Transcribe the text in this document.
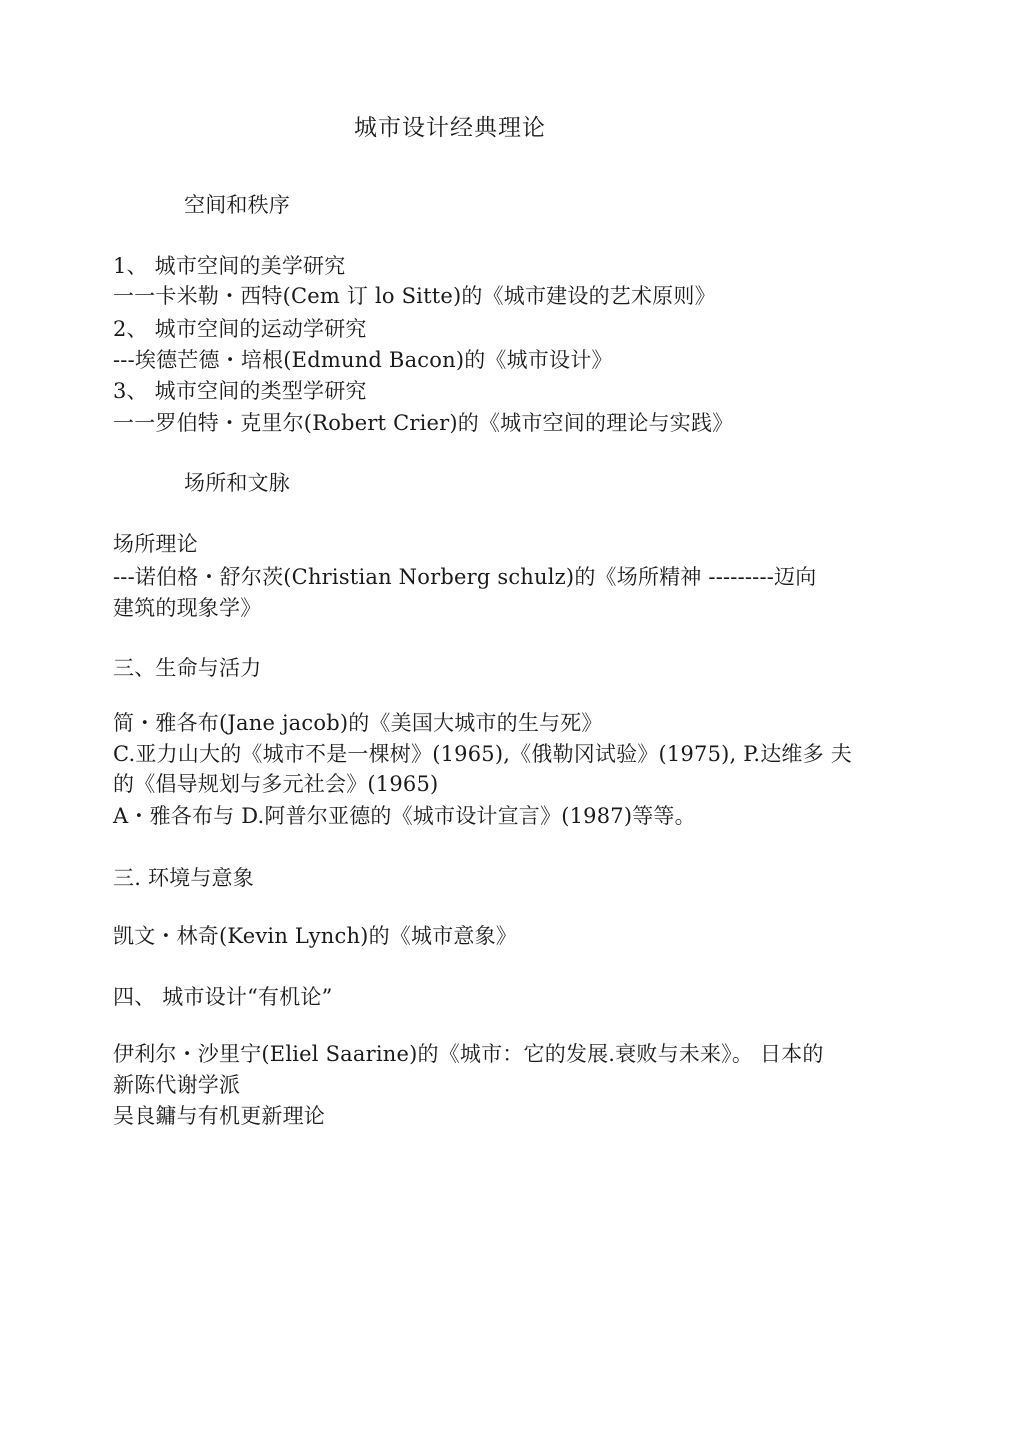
城市设计经典理论
空间和秩序
1、 城市空间的美学研究
一一卡米勒・西特(Cem 订 lo Sitte)的《城市建设的艺术原则》
2、 城市空间的运动学研究
---埃德芒德・培根(Edmund Bacon)的《城市设计》
3、 城市空间的类型学研究
一一罗伯特・克里尔(Robert Crier)的《城市空间的理论与实践》
场所和文脉
场所理论
---诺伯格・舒尔茨(Christian Norberg schulz)的《场所精神 ---------迈向
建筑的现象学》
三、生命与活力
简・雅各布(Jane jacob)的《美国大城市的生与死》
C.亚力山大的《城市不是一棵树》(1965),《俄勒冈试验》(1975), P.达维多 夫
的《倡导规划与多元社会》(1965)
A・雅各布与 D.阿普尔亚德的《城市设计宣言》(1987)等等。
三. 环境与意象
凯文・林奇(Kevin Lynch)的《城市意象》
四、 城市设计“有机论”
伊利尔・沙里宁(Eliel Saarine)的《城市：它的发展.衰败与未来》。 日本的
新陈代谢学派
吴良鏞与有机更新理论
